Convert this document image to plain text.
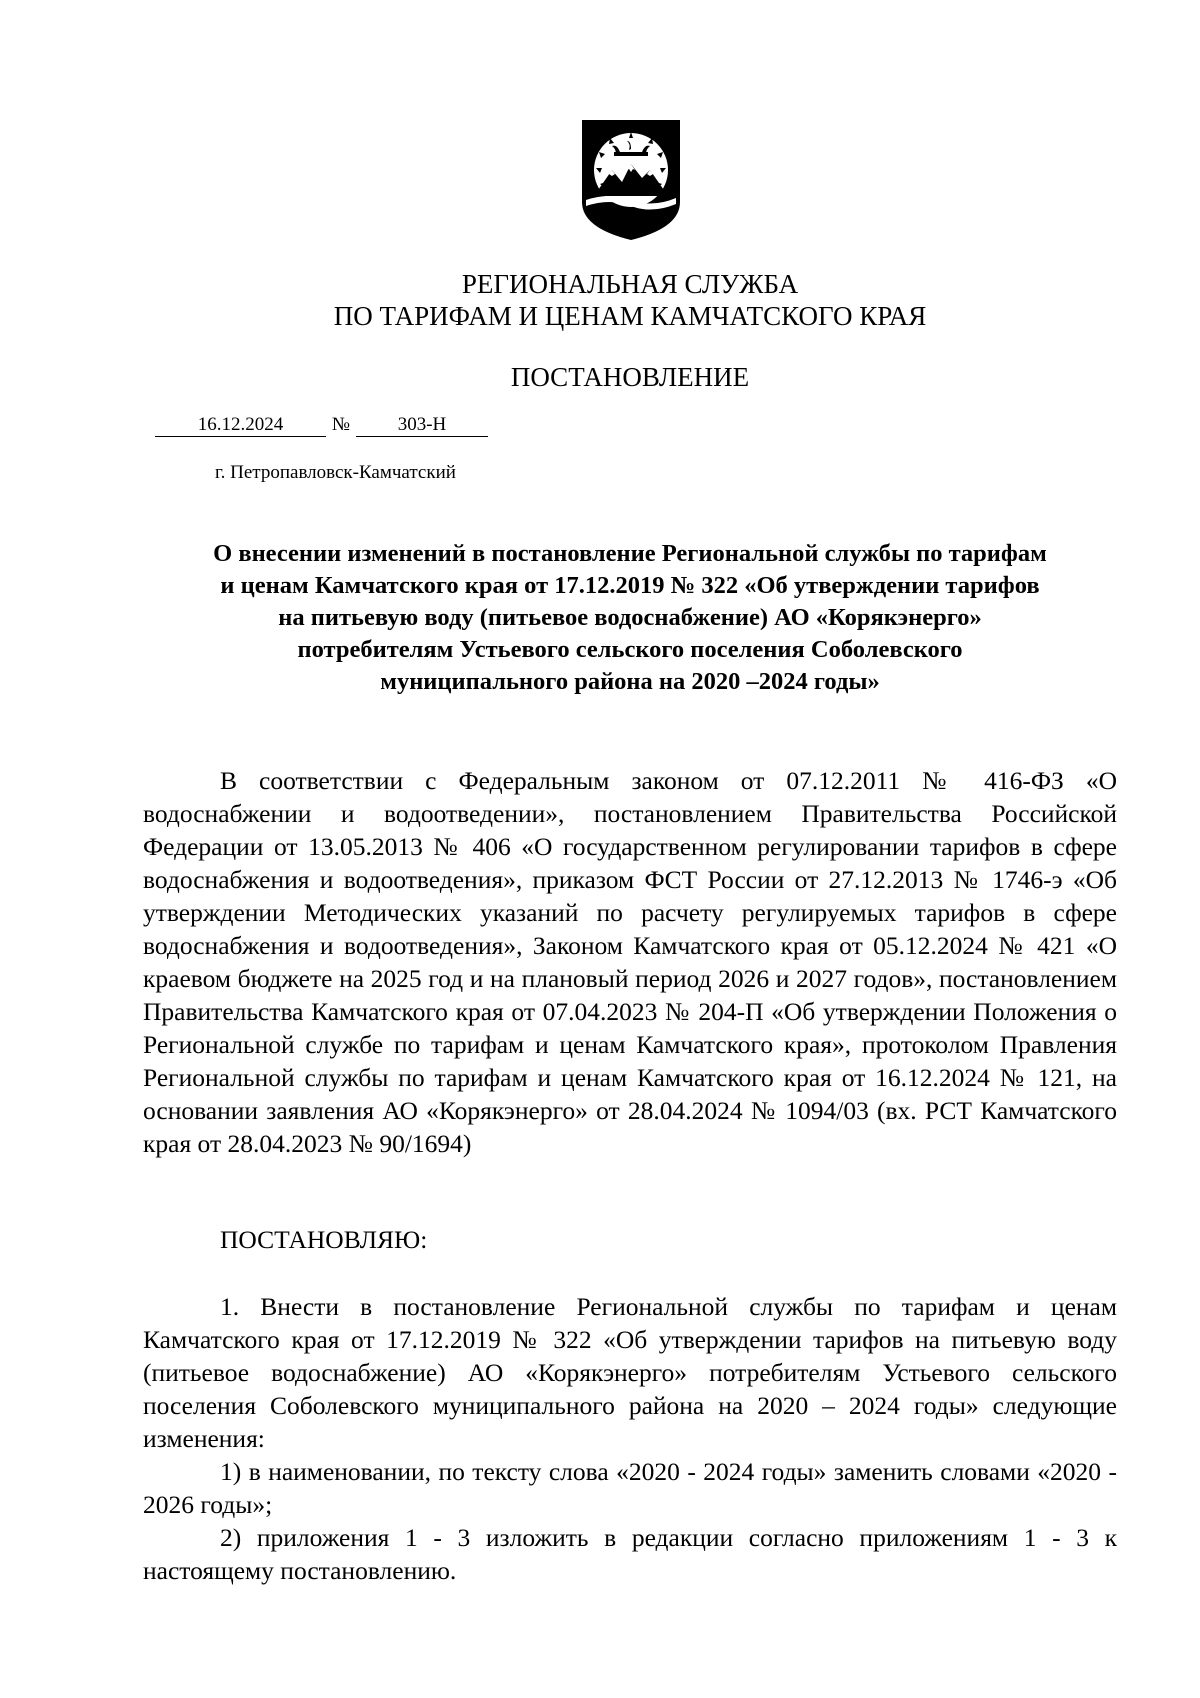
РЕГИОНАЛЬНАЯ СЛУЖБА
ПО ТАРИФАМ И ЦЕНАМ КАМЧАТСКОГО КРАЯ
ПОСТАНОВЛЕНИЕ
16.12.2024	№	303-Н
г. Петропавловск-Камчатский
О внесении изменений в постановление Региональной службы по тарифам
и ценам Камчатского края от 17.12.2019 № 322 «Об утверждении тарифов
на питьевую воду (питьевое водоснабжение) АО «Корякэнерго»
потребителям Устьевого сельского поселения Соболевского
муниципального района на 2020 –2024 годы»

В соответствии с Федеральным законом от 07.12.2011 № 416-ФЗ «О водоснабжении и водоотведении», постановлением Правительства Российской Федерации от 13.05.2013 № 406 «О государственном регулировании тарифов в сфере водоснабжения и водоотведения», приказом ФСТ России от 27.12.2013 № 1746-э «Об утверждении Методических указаний по расчету регулируемых тарифов в сфере водоснабжения и водоотведения», Законом Камчатского края от 05.12.2024 № 421 «О краевом бюджете на 2025 год и на плановый период 2026 и 2027 годов», постановлением Правительства Камчатского края от 07.04.2023 № 204-П «Об утверждении Положения о Региональной службе по тарифам и ценам Камчатского края», протоколом Правления Региональной службы по тарифам и ценам Камчатского края от 16.12.2024 № 121, на основании заявления АО «Корякэнерго» от 28.04.2024 № 1094/03 (вх. РСТ Камчатского края от 28.04.2023 № 90/1694)

ПОСТАНОВЛЯЮ:

1. Внести в постановление Региональной службы по тарифам и ценам Камчатского края от 17.12.2019 № 322 «Об утверждении тарифов на питьевую воду (питьевое водоснабжение) АО «Корякэнерго» потребителям Устьевого сельского поселения Соболевского муниципального района на 2020 – 2024 годы» следующие изменения:

1) в наименовании, по тексту слова «2020 - 2024 годы» заменить словами «2020 - 2026 годы»;

2) приложения 1 - 3 изложить в редакции согласно приложениям 1 - 3 к настоящему постановлению.
